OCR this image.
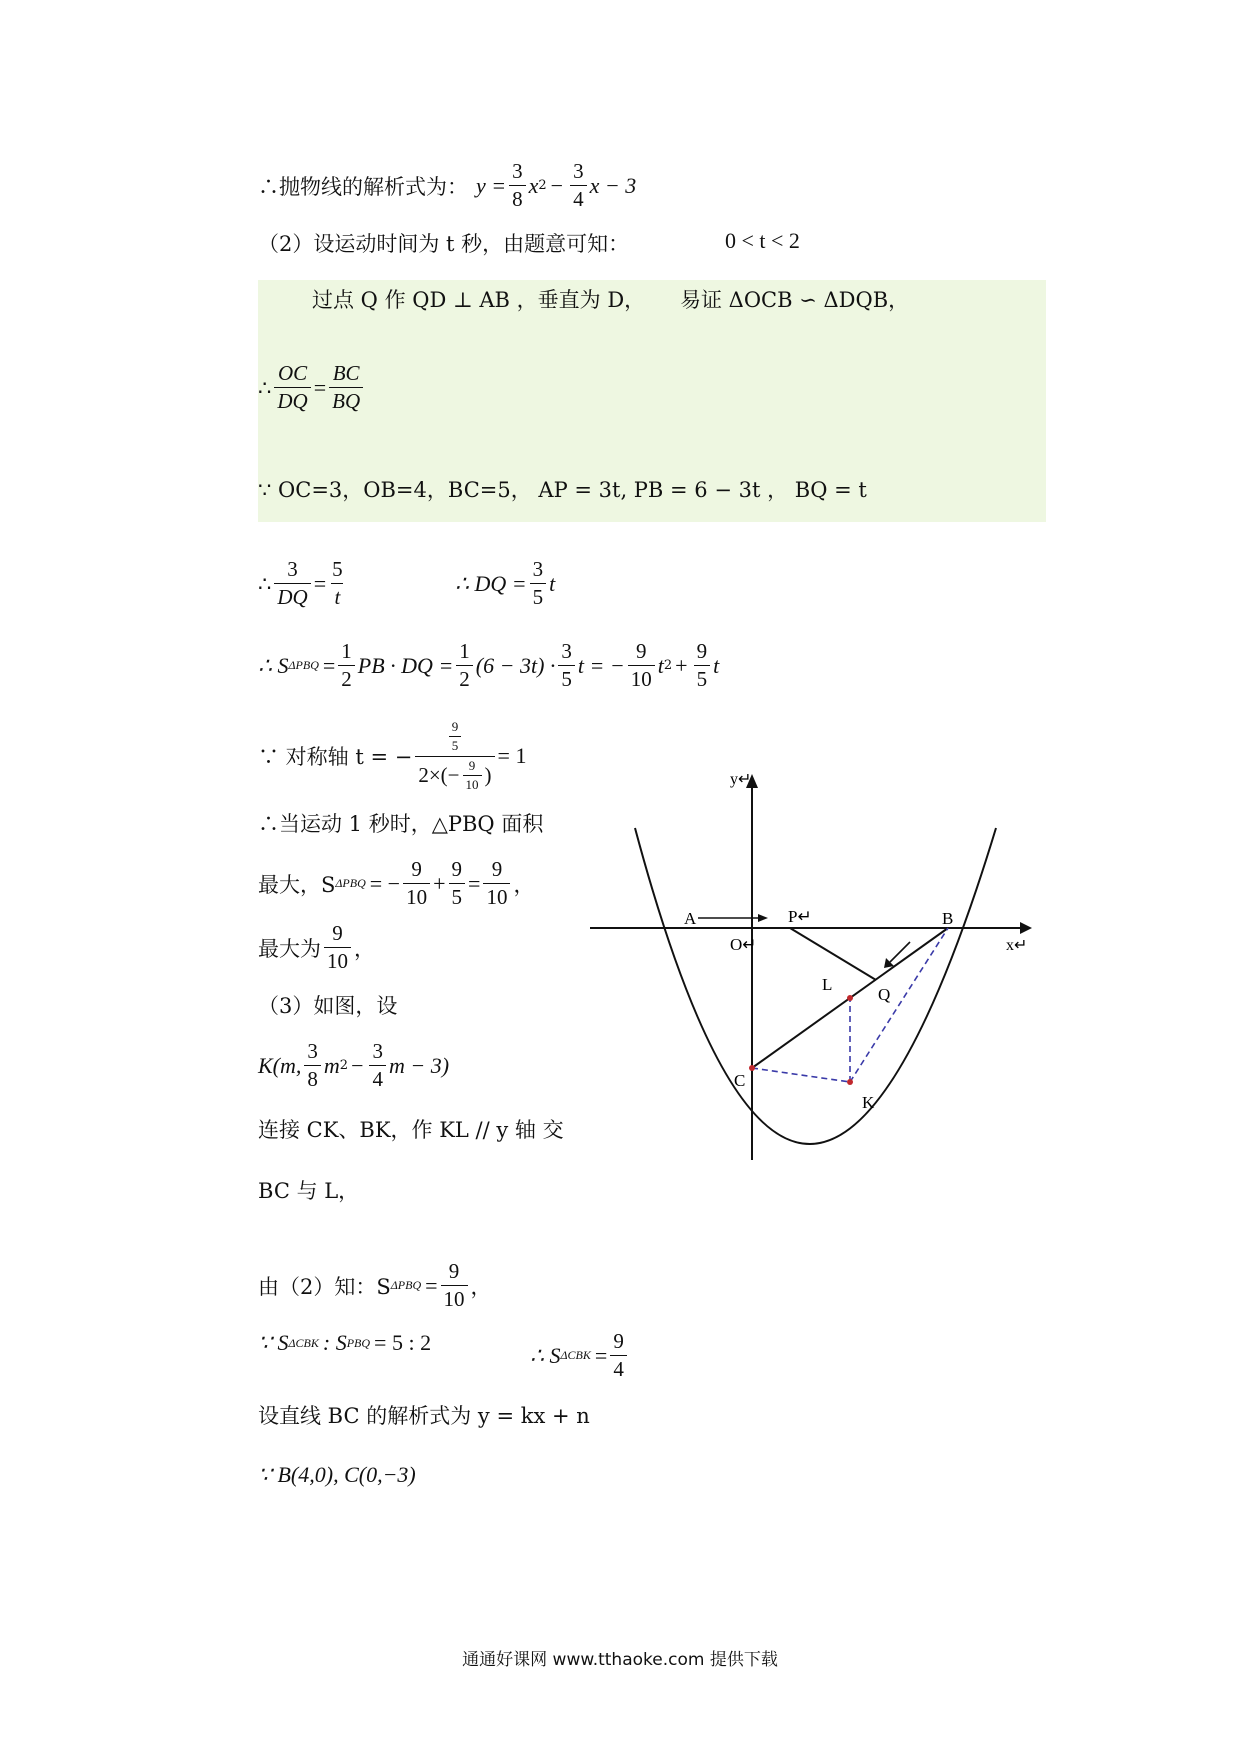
∴抛物线的解析式为： $y = \frac{3}{8}$ x $2 - \frac{3}{4}$ x − 3
（2）设运动时间为 t 秒，由题意可知：	0 < t < 2
过点 Q 作 QD ⊥ AB ，垂直为 D， 易证 ΔOCB ∽ ΔDQB，
∴ $\frac{OC}{DQ} = \frac{BC}{BQ}$
∵ OC=3，OB=4，BC=5， AP = 3t, PB = 6 − 3t ， BQ = t
∴ $\frac{3}{DQ} = \frac{5}{t}$	∴ DQ = $\frac{3}{5}$ t
∴ S $\Delta PBQ = \frac{1}{2}$ PB · DQ = $\frac{1}{2} (6 - 3t) \cdot \frac{3}{5}$ t = − $\frac{9}{10}$ t $2 + \frac{9}{5}$ t
∵ 对称轴 t = − $\frac{\frac{9}{5}}{2\times(- \frac{9}{10} )} = 1$
∴当运动 1 秒时，△PBQ 面积
最大，S ΔPBQ = − $\frac{9}{10} + \frac{9}{5} = \frac{9}{10}$ ，
最大为 $\frac{9}{10}$ ，
（3）如图，设
K(m, $\frac{3}{8}$ m $2 - \frac{3}{4}$ m − 3)
连接 CK、BK，作 KL // y 轴 交
BC 与 L，
由（2）知：S $\Delta PBQ = \frac{9}{10}$ ，
∵ S ΔCBK : S PBQ = 5 : 2
∴ S $\Delta CBK = \frac{9}{4}$
设直线 BC 的解析式为 y = kx + n
∵ B(4,0), C(0,−3)
y↵
x↵
A
O↵
P↵	B
L
Q
C
K
通通好课网 www.tthaoke.com 提供下载
